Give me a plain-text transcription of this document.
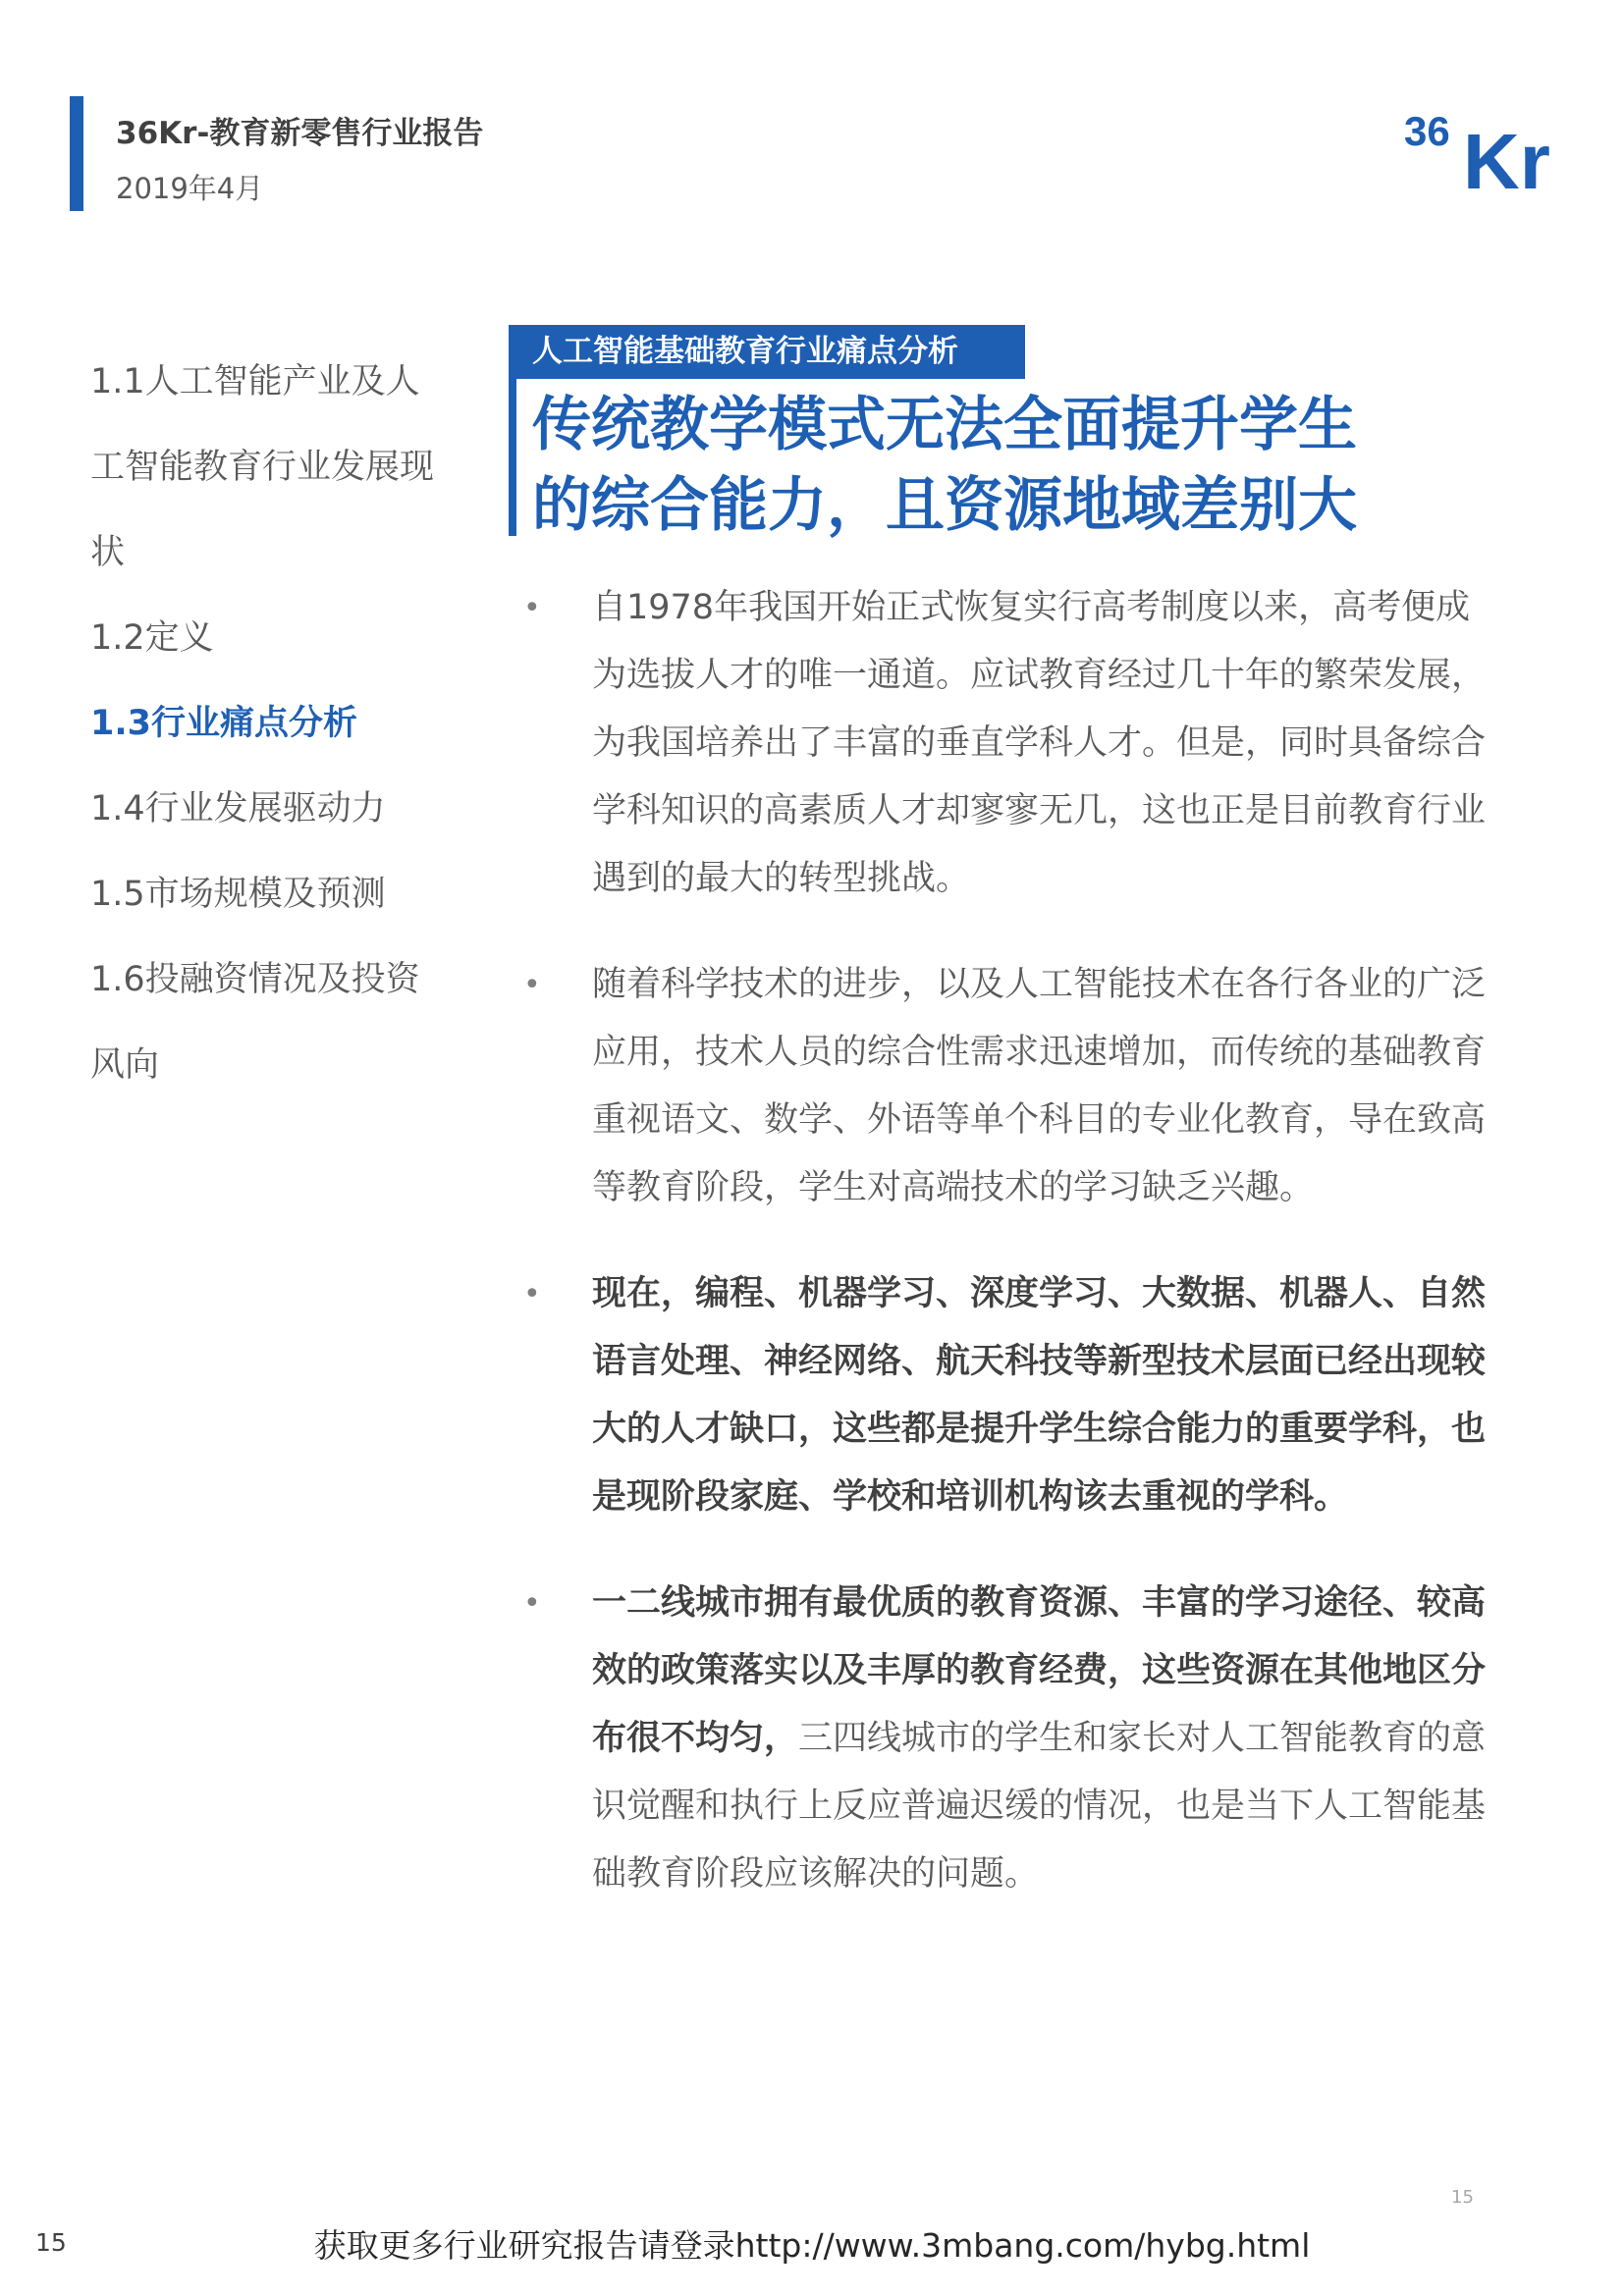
36Kr-教育新零售行业报告
2019年4月
36 Kr
1.1人工智能产业及人
工智能教育行业发展现
状
1.2定义
1.3行业痛点分析
1.4行业发展驱动力
1.5市场规模及预测
1.6投融资情况及投资
风向
人工智能基础教育行业痛点分析
传统教学模式无法全面提升学生
的综合能力，且资源地域差别大
• 自1978年我国开始正式恢复实行高考制度以来，高考便成为选拔人才的唯一通道。应试教育经过几十年的繁荣发展，为我国培养出了丰富的垂直学科人才。但是，同时具备综合学科知识的高素质人才却寥寥无几，这也正是目前教育行业遇到的最大的转型挑战。
• 随着科学技术的进步，以及人工智能技术在各行各业的广泛应用，技术人员的综合性需求迅速增加，而传统的基础教育重视语文、数学、外语等单个科目的专业化教育，导在致高等教育阶段，学生对高端技术的学习缺乏兴趣。
• 现在，编程、机器学习、深度学习、大数据、机器人、自然语言处理、神经网络、航天科技等新型技术层面已经出现较大的人才缺口，这些都是提升学生综合能力的重要学科，也是现阶段家庭、学校和培训机构该去重视的学科。
• 一二线城市拥有最优质的教育资源、丰富的学习途径、较高效的政策落实以及丰厚的教育经费，这些资源在其他地区分布很不均匀，三四线城市的学生和家长对人工智能教育的意识觉醒和执行上反应普遍迟缓的情况，也是当下人工智能基础教育阶段应该解决的问题。
15
15	获取更多行业研究报告请登录http://www.3mbang.com/hybg.html
